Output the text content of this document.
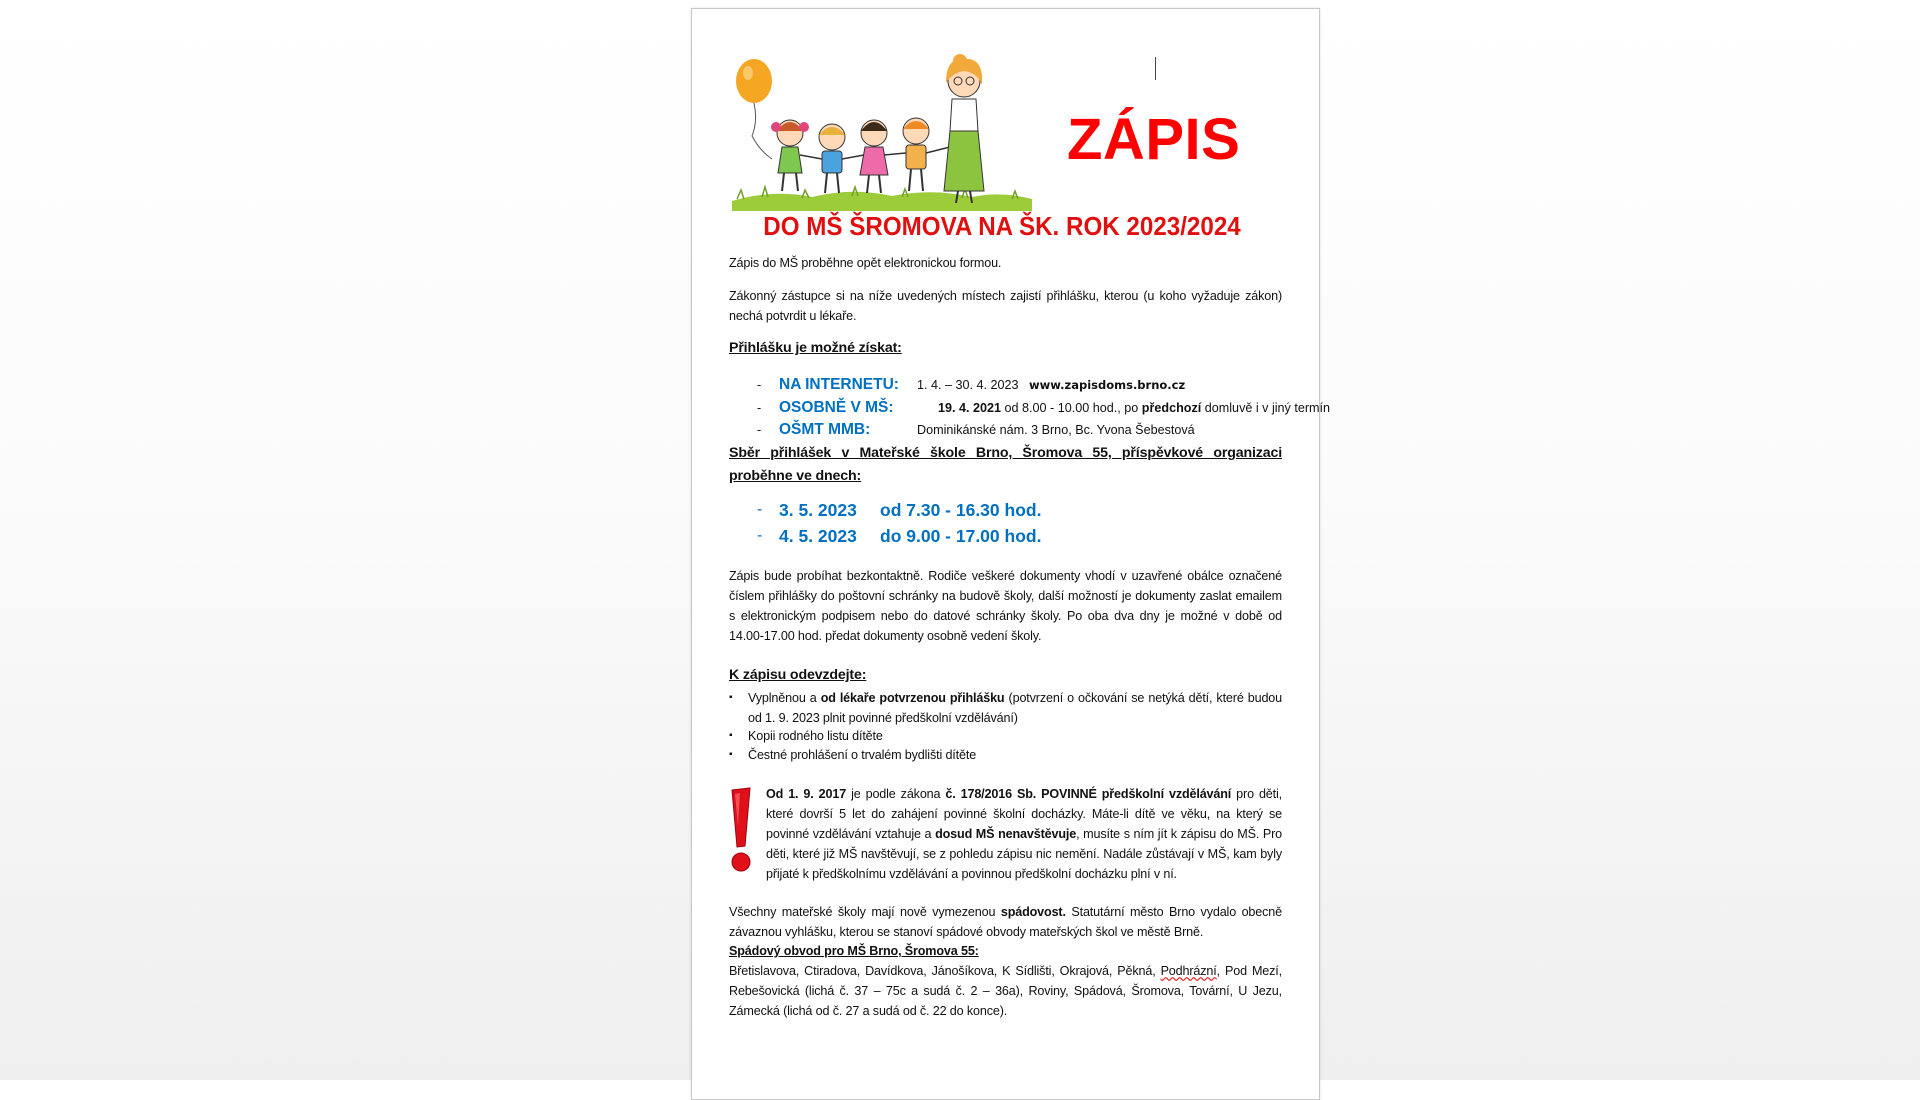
ZÁPIS
DO MŠ ŠROMOVA NA ŠK. ROK 2023/2024
Zápis do MŠ proběhne opět elektronickou formou.
Zákonný zástupce si na níže uvedených místech zajistí přihlášku, kterou (u koho vyžaduje zákon) nechá potvrdit u lékaře.
Přihlášku je možné získat:
-	NA INTERNETU:	1. 4. – 30. 4. 2023 www.zapisdoms.brno.cz
-	OSOBNĚ V MŠ:	19. 4. 2021 od 8.00 - 10.00 hod., po předchozí domluvě i v jiný termín

-	OŠMT MMB:	Dominikánské nám. 3 Brno, Bc. Yvona Šebestová
Sběr přihlášek v Mateřské škole Brno, Šromova 55, příspěvkové organizaci proběhne ve dnech:
- 3. 5. 2023	od 7.30 - 16.30 hod.
- 4. 5. 2023	do 9.00 - 17.00 hod.
Zápis bude probíhat bezkontaktně. Rodiče veškeré dokumenty vhodí v uzavřené obálce označené číslem přihlášky do poštovní schránky na budově školy, další možností je dokumenty zaslat emailem s elektronickým podpisem nebo do datové schránky školy. Po oba dva dny je možné v době od 14.00-17.00 hod. předat dokumenty osobně vedení školy.
K zápisu odevzdejte:
▪ Vyplněnou a od lékaře potvrzenou přihlášku (potvrzení o očkování se netýká dětí, které budou od 1. 9. 2023 plnit povinné předškolní vzdělávání)
▪ Kopii rodného listu dítěte
▪ Čestné prohlášení o trvalém bydlišti dítěte
Od 1. 9. 2017 je podle zákona č. 178/2016 Sb. POVINNÉ předškolní vzdělávání pro děti, které dovrší 5 let do zahájení povinné školní docházky. Máte-li dítě ve věku, na který se povinné vzdělávání vztahuje a dosud MŠ nenavštěvuje, musíte s ním jít k zápisu do MŠ. Pro děti, které již MŠ navštěvují, se z pohledu zápisu nic nemění. Nadále zůstávají v MŠ, kam byly přijaté k předškolnímu vzdělávání a povinnou předškolní docházku plní v ní.
Všechny mateřské školy mají nově vymezenou spádovost. Statutární město Brno vydalo obecně závaznou vyhlášku, kterou se stanoví spádové obvody mateřských škol ve městě Brně.
Spádový obvod pro MŠ Brno, Šromova 55:
Břetislavova, Ctiradova, Davídkova, Jánošíkova, K Sídlišti, Okrajová, Pěkná, Podhrázní, Pod Mezí, Rebešovická (lichá č. 37 – 75c a sudá č. 2 – 36a), Roviny, Spádová, Šromova, Tovární, U Jezu, Zámecká (lichá od č. 27 a sudá od č. 22 do konce).
